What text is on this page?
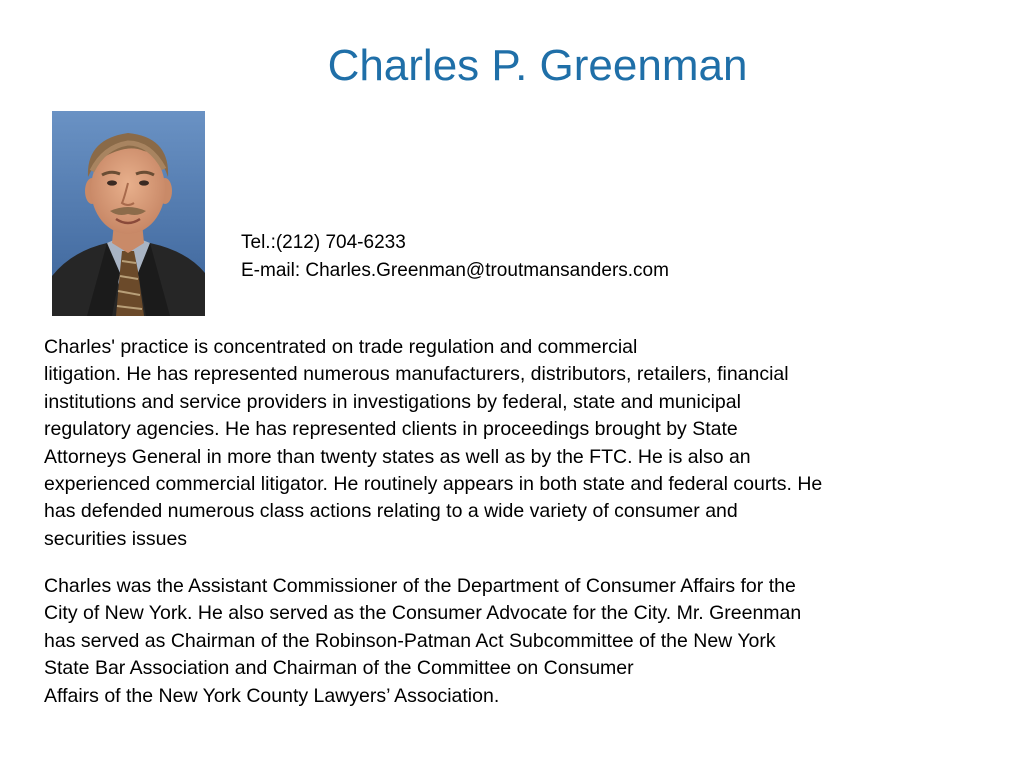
Charles P. Greenman
Tel.:(212) 704-6233
E-mail: Charles.Greenman@troutmansanders.com
Charles' practice is concentrated on trade regulation and commercial
litigation. He has represented numerous manufacturers, distributors, retailers, financial
institutions and service providers in investigations by federal, state and municipal
regulatory agencies. He has represented clients in proceedings brought by State
Attorneys General in more than twenty states as well as by the FTC. He is also an
experienced commercial litigator. He routinely appears in both state and federal courts. He
has defended numerous class actions relating to a wide variety of consumer and
securities issues
Charles was the Assistant Commissioner of the Department of Consumer Affairs for the
City of New York. He also served as the Consumer Advocate for the City. Mr. Greenman
has served as Chairman of the Robinson-Patman Act Subcommittee of the New York
State Bar Association and Chairman of the Committee on Consumer
Affairs of the New York County Lawyers’ Association.
